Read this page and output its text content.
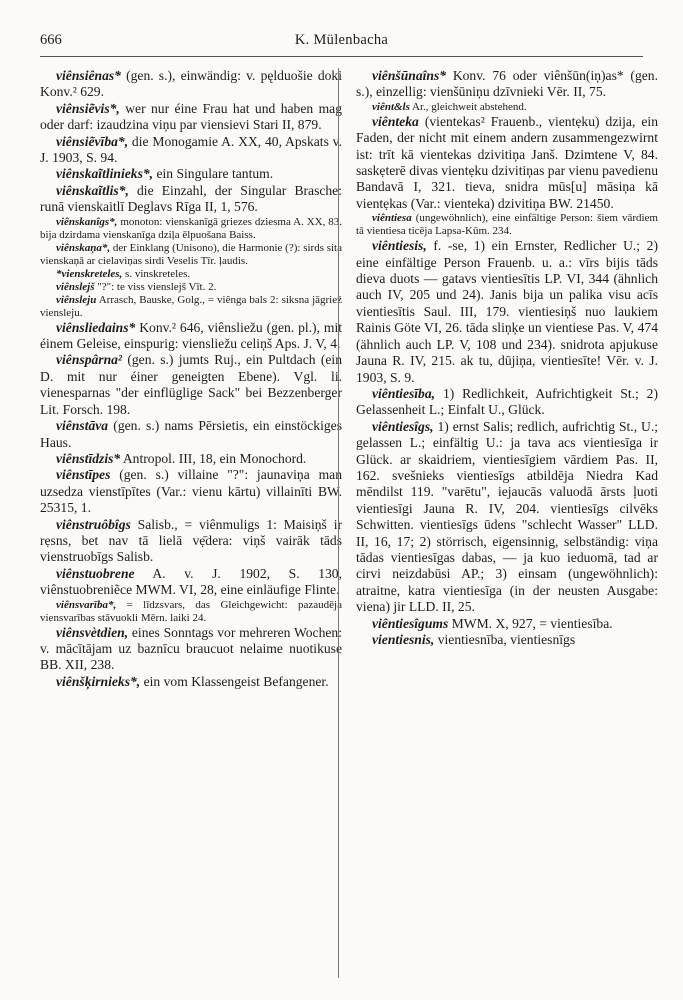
666	K. Mülenbacha

viênsiênas* (gen. s.), einwändig: v. pęlduošie doki Konv.² 629.

viênsiẽvis*, wer nur éine Frau hat und haben mag oder darf: izaudzina viņu par viensievi Stari II, 879.

viênsiẽvība*, die Monogamie A. XX, 40, Apskats v. J. 1903, S. 94.

viênskaĩtlinieks*, ein Singulare tantum.

viênskaĩtlis*, die Einzahl, der Singular Brasche: runā vienskaitlī Deglavs Rīga II, 1, 576.

viênskanîgs*, monoton: vienskanīgā griezes dziesma A. XX, 83. bija dzirdama vienskanīga dziļa ēlpuošana Baiss.

viênskaņa*, der Einklang (Unisono), die Harmonie (?): sirds sita vienskaņā ar cielaviņas sirdi Veselis Tīr. ļaudis.

*vienskreteles, s. vinskreteles.

viênslejš "?": te viss vienslejš Vīt. 2.

viênsleju Arrasch, Bauske, Golg., = viênga bals 2: siksna jāgriež viensleju.

viênsliedains* Konv.² 646, viênsliežu (gen. pl.), mit éinem Geleise, einspurig: viensliežu celiņš Aps. J. V, 4.

viênspârna² (gen. s.) jumts Ruj., ein Pultdach (ein D. mit nur éiner geneigten Ebene). Vgl. li. vienesparnas "der einflüglige Sack" bei Bezzenberger Lit. Forsch. 198.

viênstāva (gen. s.) nams Pērsietis, ein einstöckiges Haus.

viênstīdzis* Antropol. III, 18, ein Monochord.

viênstīpes (gen. s.) villaine "?": jaunaviņa man uzsedza vienstīpītes (Var.: vienu kārtu) villainīti BW. 25315, 1.

viênstruôbîgs Salisb., = viênmuligs 1: Maisiņš ir rẹsns, bet nav tā lielā vẹ̄dera: viņš vairāk tāds vienstruobīgs Salisb.

viênstuobrene A. v. J. 1902, S. 130, viênstuobreniẽce MWM. VI, 28, eine einläufige Flinte.

viênsvarība*, = līdzsvars, das Gleichgewicht: pazaudēja viensvarības stāvuokli Mērn. laiki 24.

viênsvètdien, eines Sonntags vor mehreren Wochen: v. mācītājam uz baznīcu braucuot nelaime nuotikuse BB. XII, 238.

viênšķirnieks*, ein vom Klassengeist Befangener.

viênšūnaîns* Konv. 76 oder viênšūn(iņ)as* (gen. s.), einzellig: vienšūniņu dzīvnieki Vēr. II, 75.

viênt&ls Ar., gleichweit abstehend.

viênteka (vientekas² Frauenb., vientẹku) dzija, ein Faden, der nicht mit einem andern zusammengezwirnt ist: trīt kā vientekas dzivitiņa Janš. Dzimtene V, 84. saskẹterē divas vientẹku dzivitiņas par vienu pavedienu Bandavā I, 321. tieva, snidra mūs[u] māsiņa kā vientẹkas (Var.: vienteka) dzivitiņa BW. 21450.

viêntiesa (ungewöhnlich), eine einfältige Person: šiem vārdiem tā vientiesa ticēja Lapsa-Kūm. 234.

viêntiesis, f. -se, 1) ein Ernster, Redlicher U.; 2) eine einfältige Person Frauenb. u. a.: vīrs bijis tāds dieva duots — gatavs vientiesītis LP. VI, 344 (ähnlich auch IV, 205 und 24). Janis bija un palika visu acīs vientiesītis Saul. III, 179. vientiesiņš nuo laukiem Rainis Göte VI, 26. tāda sliņķe un vientiese Pas. V, 474 (ähnlich auch LP. V, 108 und 234). snidrota apjukuse Jauna R. IV, 215. ak tu, dūjiņa, vientiesīte! Vēr. v. J. 1903, S. 9.

viêntiesība, 1) Redlichkeit, Aufrichtigkeit St.; 2) Gelassenheit L.; Einfalt U., Glück.

viêntiesîgs, 1) ernst Salis; redlich, aufrichtig St., U.; gelassen L.; einfältig U.: ja tava acs vientiesīga ir Glück. ar skaidriem, vientiesīgiem vārdiem Pas. II, 162. svešnieks vientiesīgs atbildēja Niedra Kad mēndilst 119. "varētu", iejaucās valuodā ārsts ļuoti vientiesīgi Jauna R. IV, 204. vientiesīgs cilvēks Schwitten. vientiesīgs ūdens "schlecht Wasser" LLD. II, 16, 17; 2) störrisch, eigensinnig, selbständig: viņa tādas vientiesīgas dabas, — ja kuo ieduomā, tad ar cirvi neizdabūsi AP.; 3) einsam (ungewöhnlich): atraitne, katra vientiesīga (in der neusten Ausgabe: viena) jir LLD. II, 25.

viêntiesîgums MWM. X, 927, = vientiesība.

vientiesnis, vientiesnība, vientiesnīgs
